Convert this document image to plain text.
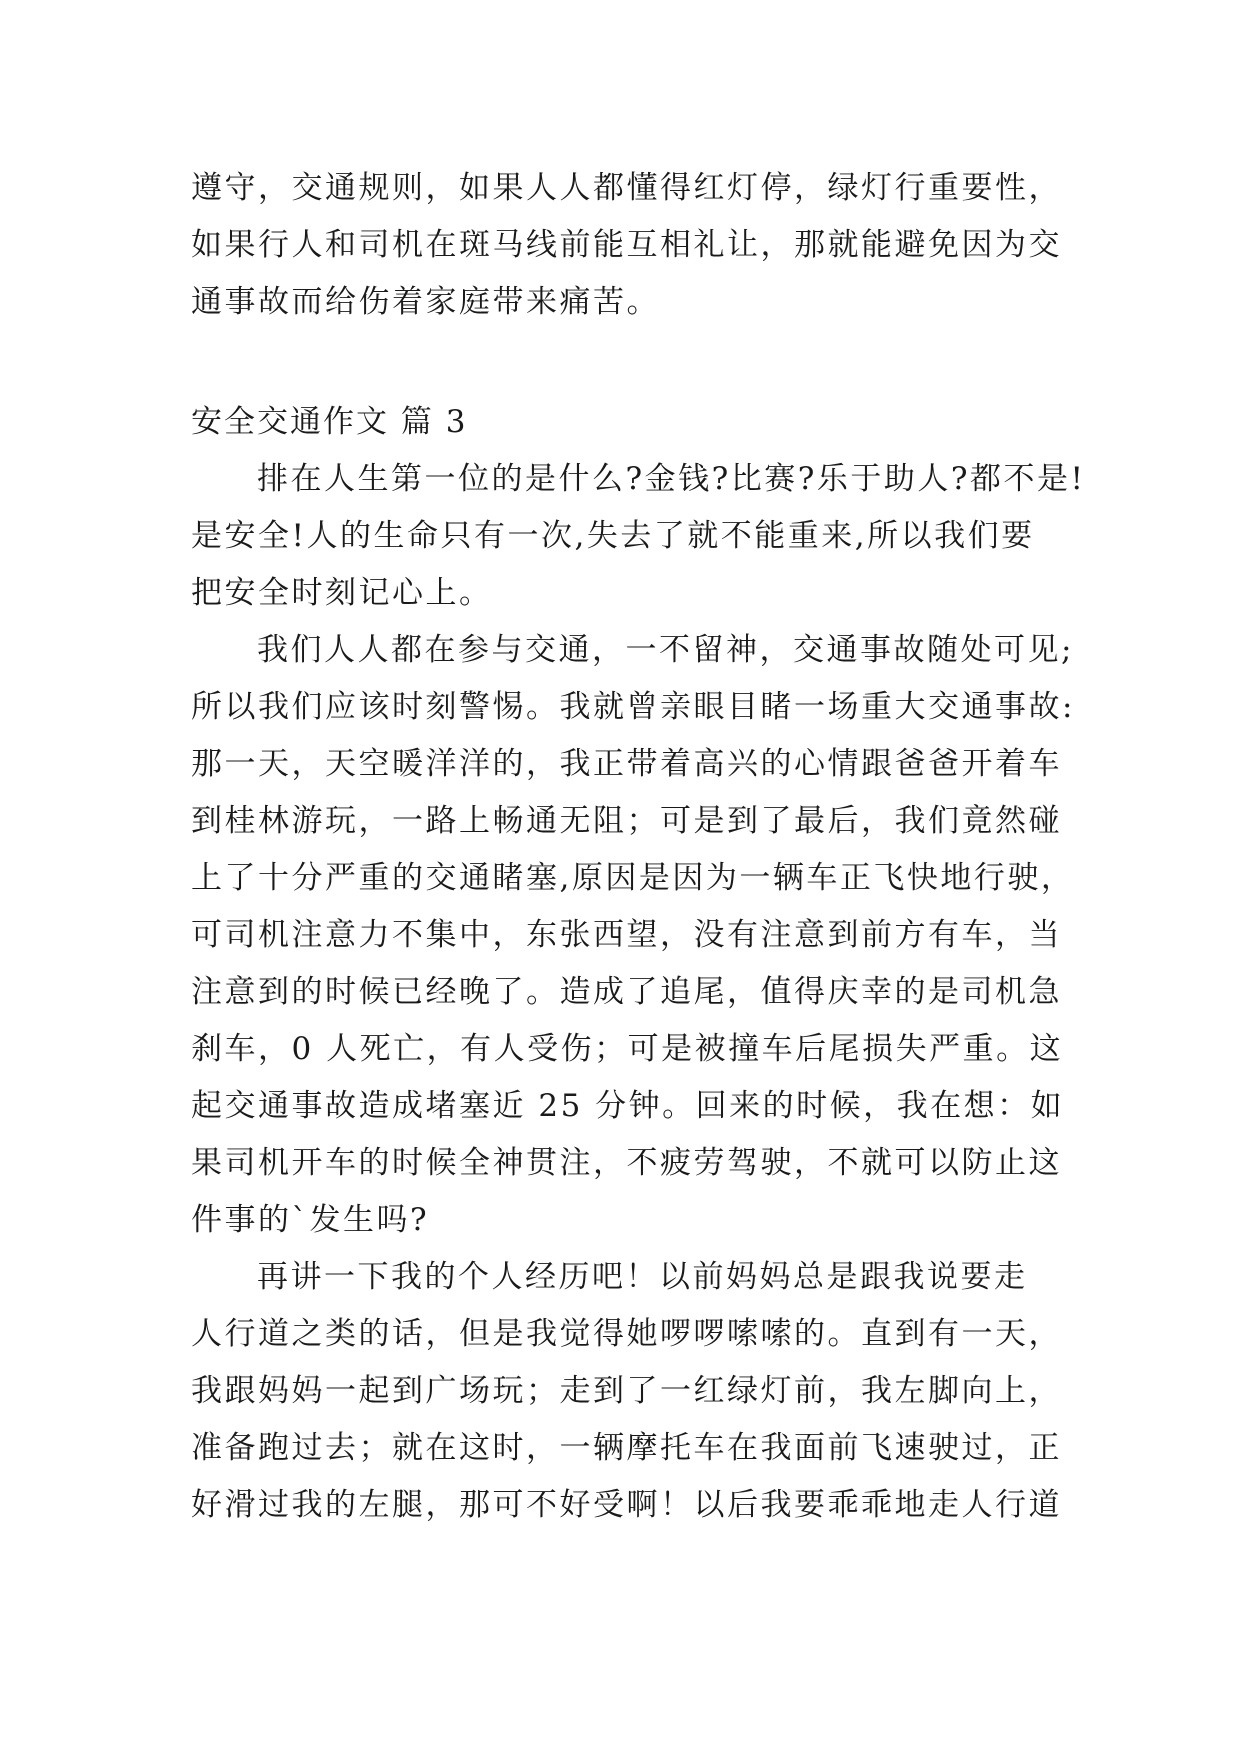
遵守，交通规则，如果人人都懂得红灯停，绿灯行重要性，
如果行人和司机在斑马线前能互相礼让，那就能避免因为交
通事故而给伤着家庭带来痛苦。
安全交通作文 篇 3
排在人生第一位的是什么?金钱?比赛?乐于助人?都不是!
是安全!人的生命只有一次,失去了就不能重来,所以我们要
把安全时刻记心上。
我们人人都在参与交通，一不留神，交通事故随处可见;
所以我们应该时刻警惕。我就曾亲眼目睹一场重大交通事故:
那一天，天空暖洋洋的，我正带着高兴的心情跟爸爸开着车
到桂林游玩，一路上畅通无阻；可是到了最后，我们竟然碰
上了十分严重的交通睹塞,原因是因为一辆车正飞快地行驶，
可司机注意力不集中，东张西望，没有注意到前方有车，当
注意到的时候已经晚了。造成了追尾，值得庆幸的是司机急
刹车，0 人死亡，有人受伤；可是被撞车后尾损失严重。这
起交通事故造成堵塞近 25 分钟。回来的时候，我在想：如
果司机开车的时候全神贯注，不疲劳驾驶，不就可以防止这
件事的`发生吗?
再讲一下我的个人经历吧！以前妈妈总是跟我说要走
人行道之类的话，但是我觉得她啰啰嗦嗦的。直到有一天，
我跟妈妈一起到广场玩；走到了一红绿灯前，我左脚向上，
准备跑过去；就在这时，一辆摩托车在我面前飞速驶过，正
好滑过我的左腿，那可不好受啊！以后我要乖乖地走人行道
